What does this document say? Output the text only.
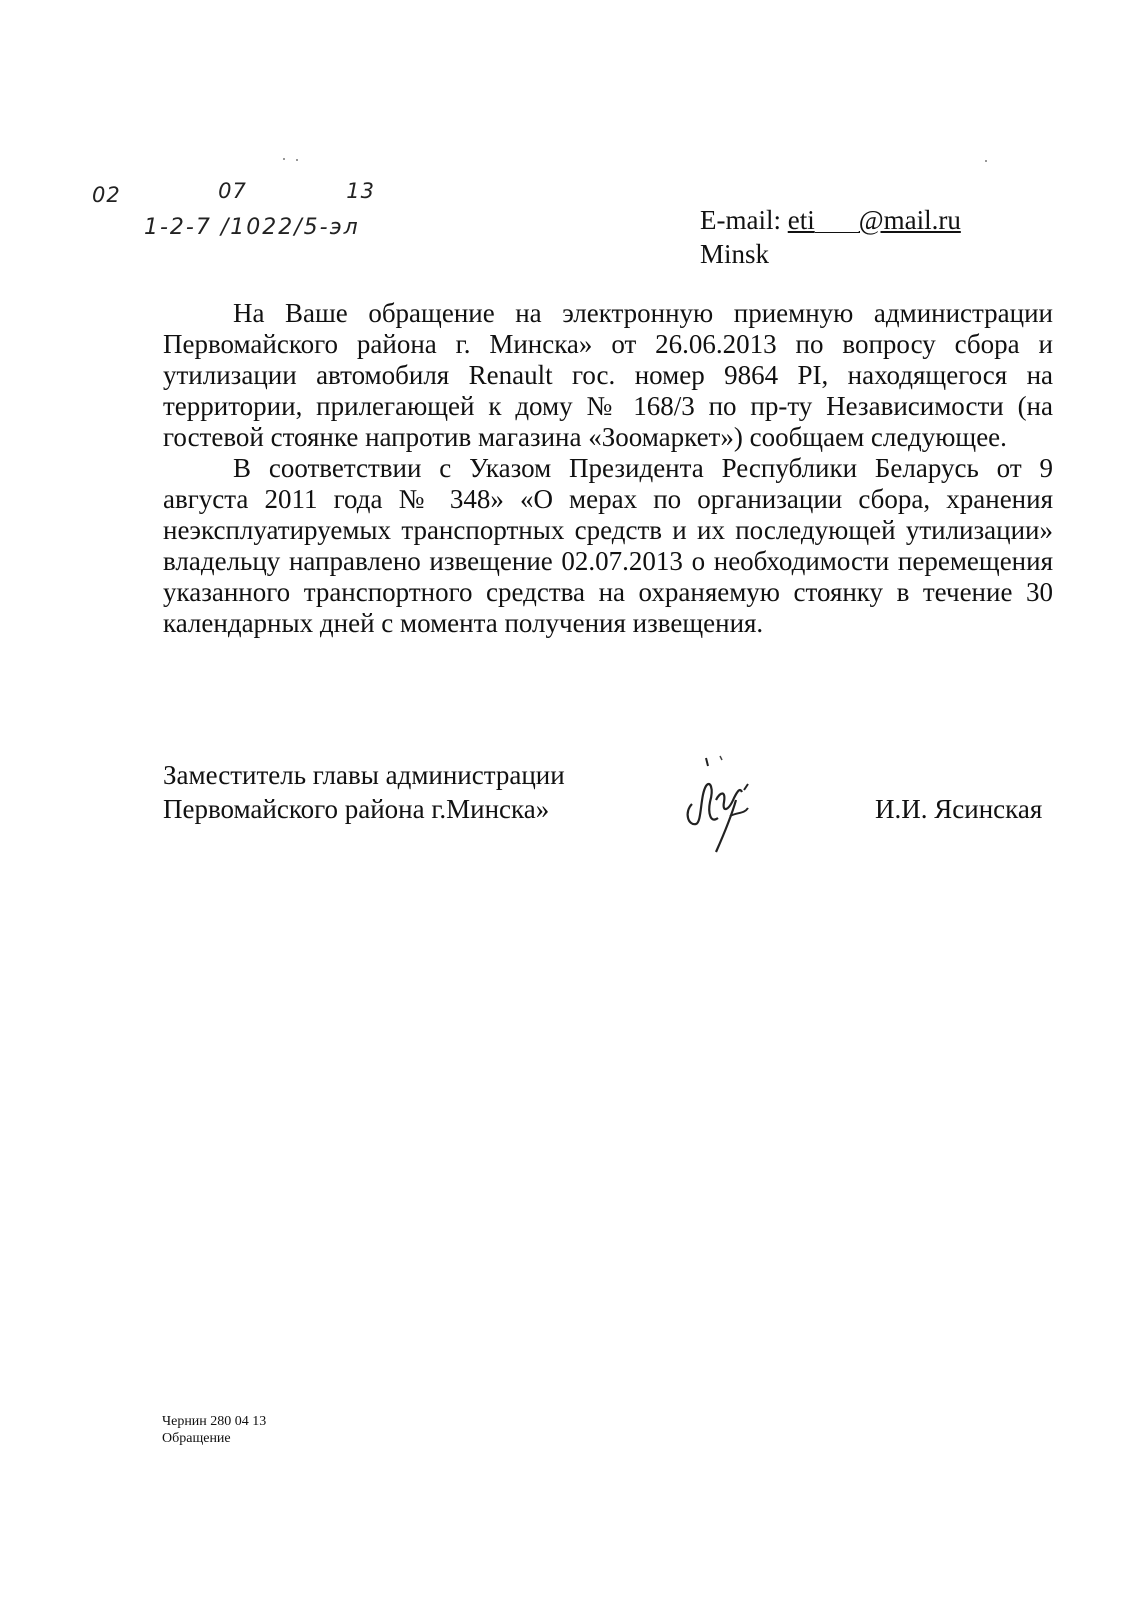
02	07	13
1-2-7 /1022/5-эл	E-mail: eti @mail.ru
Minsk

На Ваше обращение на электронную приемную администрации Первомайского района г. Минска» от 26.06.2013 по вопросу сбора и утилизации автомобиля Renault гос. номер 9864 PI, находящегося на территории, прилегающей к дому № 168/3 по пр-ту Независимости (на гостевой стоянке напротив магазина «Зоомаркет») сообщаем следующее.

В соответствии с Указом Президента Республики Беларусь от 9 августа 2011 года № 348» «О мерах по организации сбора, хранения неэксплуатируемых транспортных средств и их последующей утилизации» владельцу направлено извещение 02.07.2013 о необходимости перемещения указанного транспортного средства на охраняемую стоянку в течение 30 календарных дней с момента получения извещения.

Заместитель главы администрации
Первомайского района г.Минска»	И.И. Ясинская
Чернин 280 04 13
Обращение
